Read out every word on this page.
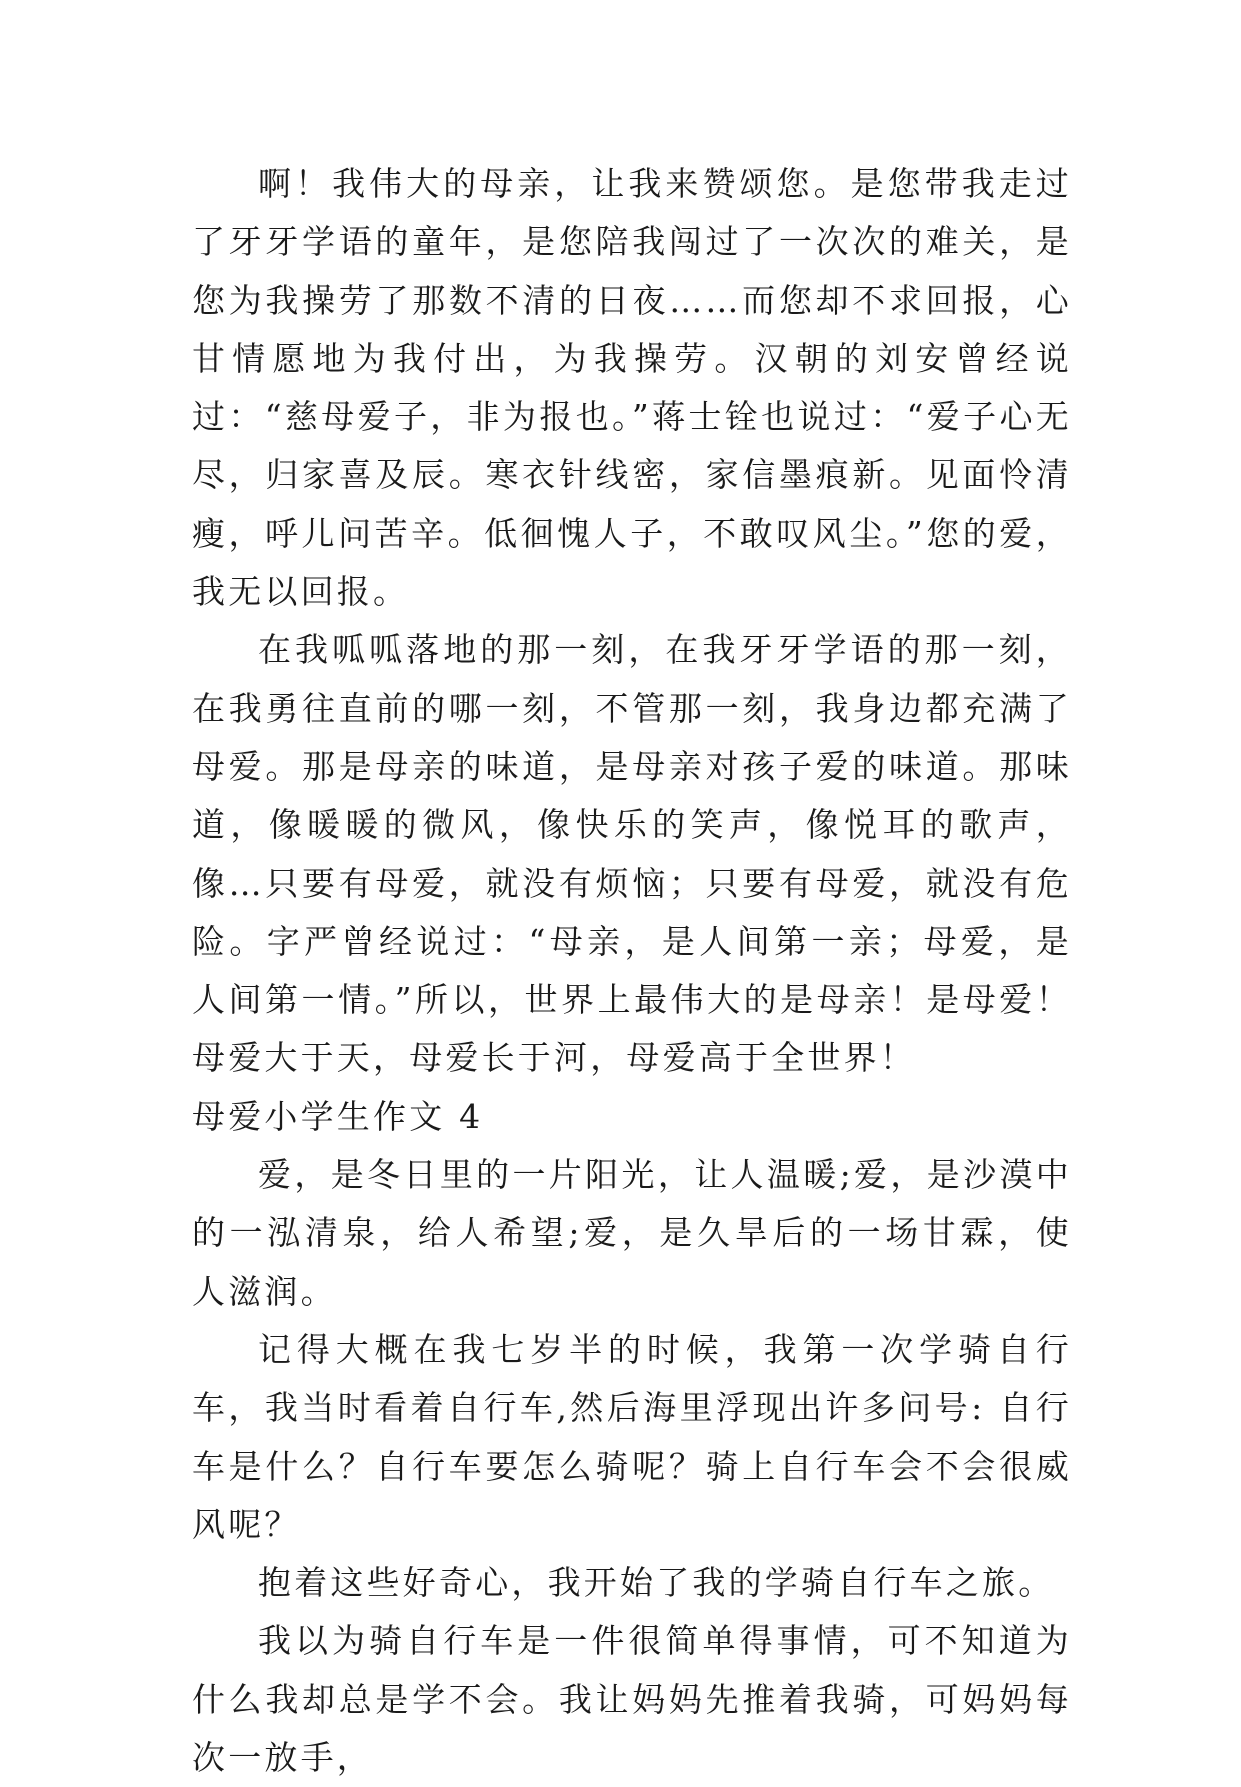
啊！我伟大的母亲，让我来赞颂您。是您带我走过了牙牙学语的童年，是您陪我闯过了一次次的难关，是您为我操劳了那数不清的日夜……而您却不求回报，心甘情愿地为我付出，为我操劳。汉朝的刘安曾经说过：“慈母爱子，非为报也。”蒋士铨也说过：“爱子心无尽，归家喜及辰。寒衣针线密，家信墨痕新。见面怜清瘦，呼儿问苦辛。低徊愧人子，不敢叹风尘。”您的爱，我无以回报。

在我呱呱落地的那一刻，在我牙牙学语的那一刻，在我勇往直前的哪一刻，不管那一刻，我身边都充满了母爱。那是母亲的味道，是母亲对孩子爱的味道。那味道，像暖暖的微风，像快乐的笑声，像悦耳的歌声，像…只要有母爱，就没有烦恼；只要有母爱，就没有危险。字严曾经说过：“母亲，是人间第一亲；母爱，是人间第一情。”所以，世界上最伟大的是母亲！是母爱！母爱大于天，母爱长于河，母爱高于全世界！

母爱小学生作文 4

爱，是冬日里的一片阳光，让人温暖;爱，是沙漠中的一泓清泉，给人希望;爱，是久旱后的一场甘霖，使人滋润。

记得大概在我七岁半的时候，我第一次学骑自行车，我当时看着自行车,然后海里浮现出许多问号: 自行车是什么？自行车要怎么骑呢？骑上自行车会不会很威风呢？

抱着这些好奇心，我开始了我的学骑自行车之旅。

我以为骑自行车是一件很简单得事情，可不知道为什么我却总是学不会。我让妈妈先推着我骑，可妈妈每次一放手，
